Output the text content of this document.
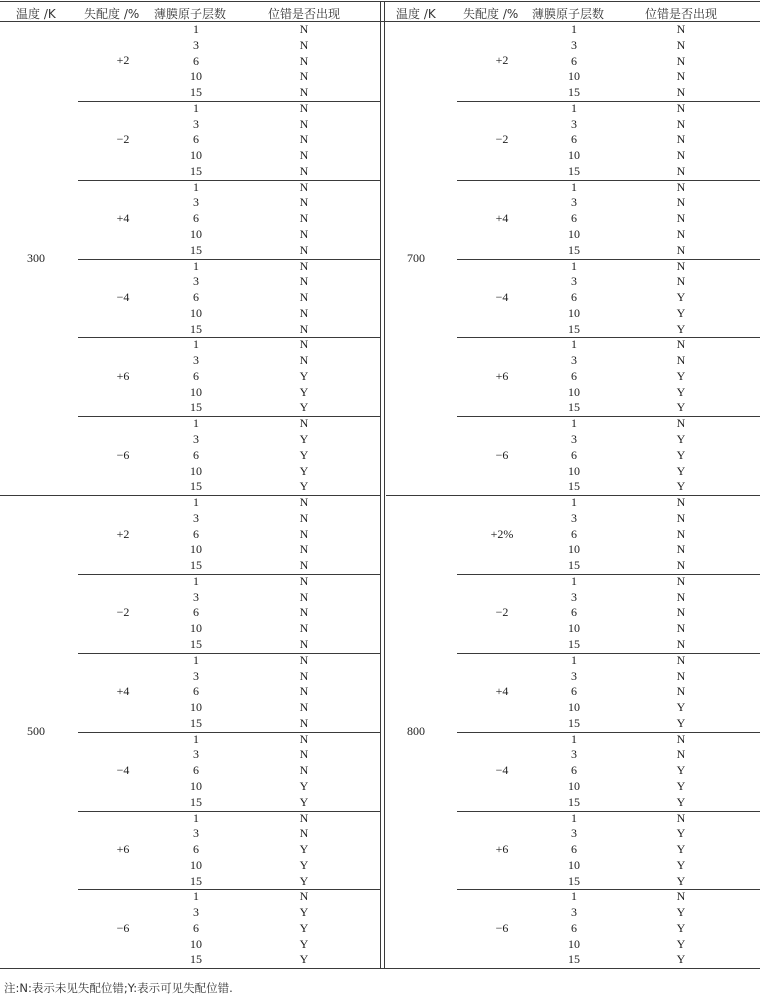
温度 /K 失配度 /% 薄膜原子层数	位错是否出现
300
+2
1	N
3	N
6	N
10	N
15	N
−2
1	N
3	N
6	N
10	N
15	N
+4
1	N
3	N
6	N
10	N
15	N
−4
1	N
3	N
6	N
10	N
15	N
+6
1	N
3	N
6	Y
10	Y
15	Y
−6
1	N
3	Y
6	Y
10	Y
15	Y
500
+2
1	N
3	N
6	N
10	N
15	N
−2
1	N
3	N
6	N
10	N
15	N
+4
1	N
3	N
6	N
10	N
15	N
−4
1	N
3	N
6	N
10	Y
15	Y
+6
1	N
3	N
6	Y
10	Y
15	Y
−6
1	N
3	Y
6	Y
10	Y
15	Y
温度 /K 失配度 /% 薄膜原子层数	位错是否出现
700
+2
1	N
3	N
6	N
10	N
15	N
−2
1	N
3	N
6	N
10	N
15	N
+4
1	N
3	N
6	N
10	N
15	N
−4
1	N
3	N
6	Y
10	Y
15	Y
+6
1	N
3	N
6	Y
10	Y
15	Y
−6
1	N
3	Y
6	Y
10	Y
15	Y
800
+2%
1	N
3	N
6	N
10	N
15	N
−2
1	N
3	N
6	N
10	N
15	N
+4
1	N
3	N
6	N
10	Y
15	Y
−4
1	N
3	N
6	Y
10	Y
15	Y
+6
1	N
3	Y
6	Y
10	Y
15	Y
−6
1	N
3	Y
6	Y
10	Y
15	Y
注:N:表示未见失配位错;Y:表示可见失配位错.
